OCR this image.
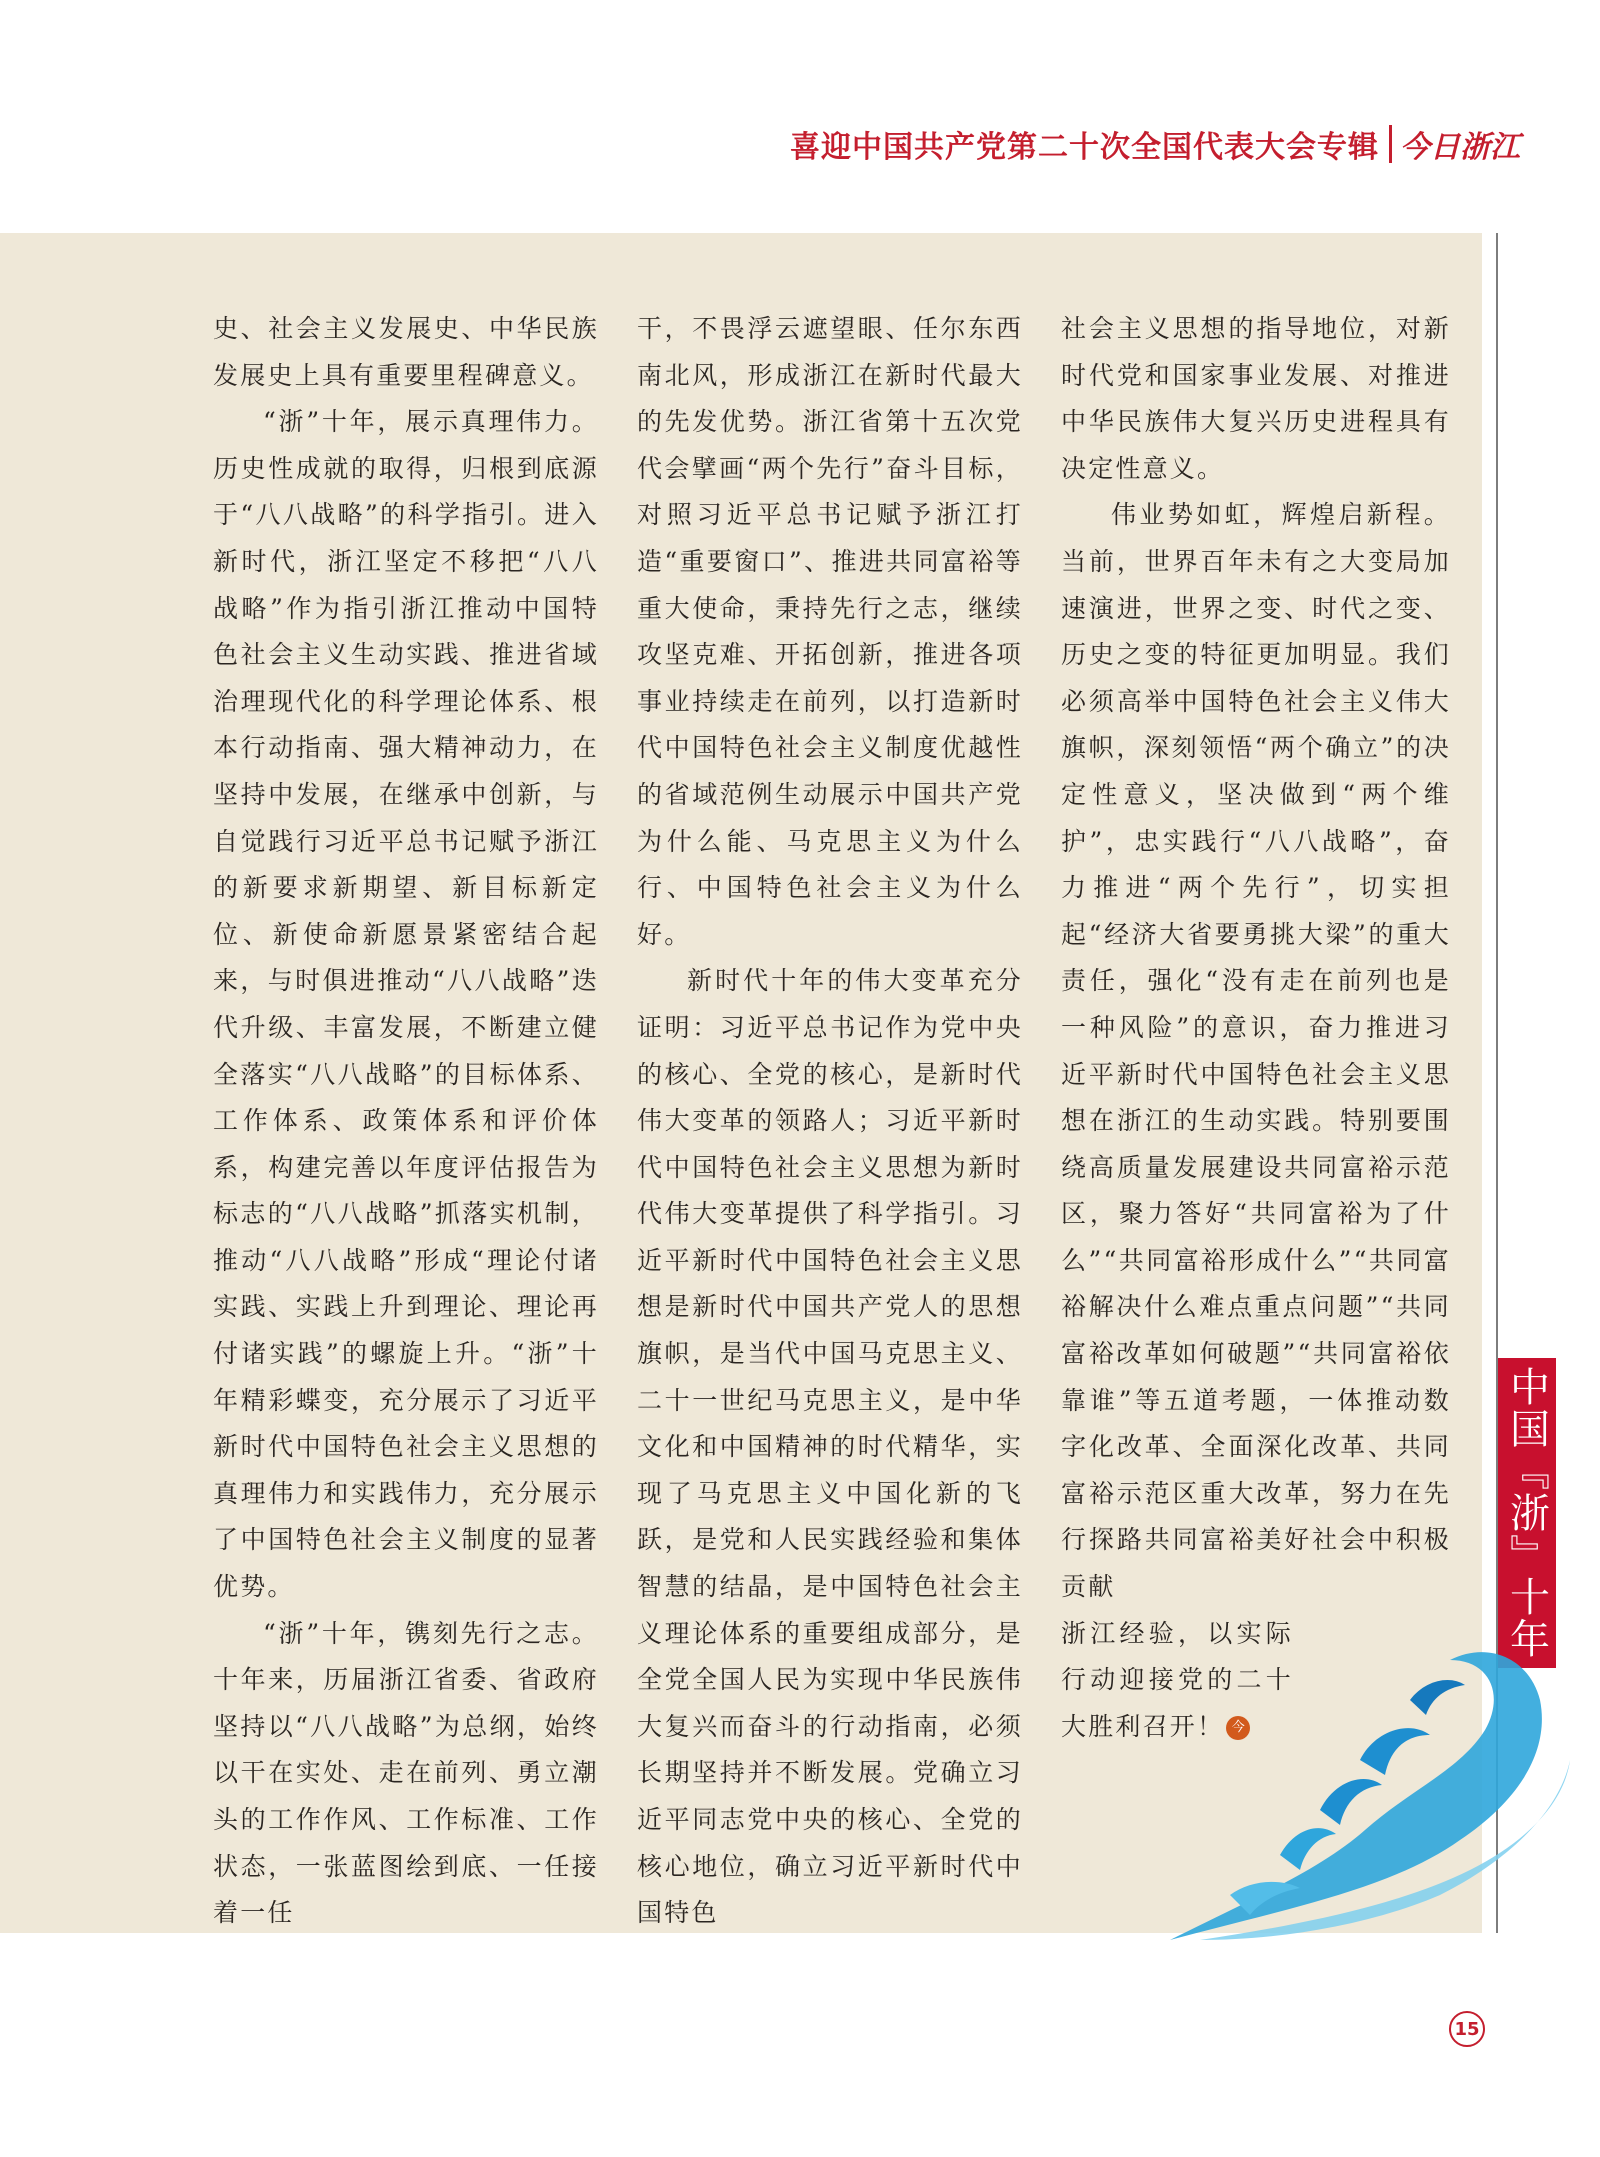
喜迎中国共产党第二十次全国代表大会专辑 今日浙江

史、社会主义发展史、中华民族发展史上具有重要里程碑意义。

“浙”十年，展示真理伟力。历史性成就的取得，归根到底源于“八八战略”的科学指引。进入新时代，浙江坚定不移把“八八战略”作为指引浙江推动中国特色社会主义生动实践、推进省域治理现代化的科学理论体系、根本行动指南、强大精神动力，在坚持中发展，在继承中创新，与自觉践行习近平总书记赋予浙江的新要求新期望、新目标新定位、新使命新愿景紧密结合起来，与时俱进推动“八八战略”迭代升级、丰富发展，不断建立健全落实“八八战略”的目标体系、工作体系、政策体系和评价体系，构建完善以年度评估报告为标志的“八八战略”抓落实机制，推动“八八战略”形成“理论付诸实践、实践上升到理论、理论再付诸实践”的螺旋上升。“浙”十年精彩蝶变，充分展示了习近平新时代中国特色社会主义思想的真理伟力和实践伟力，充分展示了中国特色社会主义制度的显著优势。

“浙”十年，镌刻先行之志。十年来，历届浙江省委、省政府坚持以“八八战略”为总纲，始终以干在实处、走在前列、勇立潮头的工作作风、工作标准、工作状态，一张蓝图绘到底、一任接着一任

干，不畏浮云遮望眼、任尔东西南北风，形成浙江在新时代最大的先发优势。浙江省第十五次党代会擘画“两个先行”奋斗目标，对照习近平总书记赋予浙江打造“重要窗口”、推进共同富裕等重大使命，秉持先行之志，继续攻坚克难、开拓创新，推进各项事业持续走在前列，以打造新时代中国特色社会主义制度优越性的省域范例生动展示中国共产党为什么能、马克思主义为什么行、中国特色社会主义为什么好。

新时代十年的伟大变革充分证明：习近平总书记作为党中央的核心、全党的核心，是新时代伟大变革的领路人；习近平新时代中国特色社会主义思想为新时代伟大变革提供了科学指引。习近平新时代中国特色社会主义思想是新时代中国共产党人的思想旗帜，是当代中国马克思主义、二十一世纪马克思主义，是中华文化和中国精神的时代精华，实现了马克思主义中国化新的飞跃，是党和人民实践经验和集体智慧的结晶，是中国特色社会主义理论体系的重要组成部分，是全党全国人民为实现中华民族伟大复兴而奋斗的行动指南，必须长期坚持并不断发展。党确立习近平同志党中央的核心、全党的核心地位，确立习近平新时代中国特色

社会主义思想的指导地位，对新时代党和国家事业发展、对推进中华民族伟大复兴历史进程具有决定性意义。

伟业势如虹，辉煌启新程。当前，世界百年未有之大变局加速演进，世界之变、时代之变、历史之变的特征更加明显。我们必须高举中国特色社会主义伟大旗帜，深刻领悟“两个确立”的决定性意义，坚决做到“两个维护”，忠实践行“八八战略”，奋力推进“两个先行”，切实担起“经济大省要勇挑大梁”的重大责任，强化“没有走在前列也是一种风险”的意识，奋力推进习近平新时代中国特色社会主义思想在浙江的生动实践。特别要围绕高质量发展建设共同富裕示范区，聚力答好“共同富裕为了什么”“共同富裕形成什么”“共同富裕解决什么难点重点问题”“共同富裕改革如何破题”“共同富裕依靠谁”等五道考题，一体推动数字化改革、全面深化改革、共同富裕示范区重大改革，努力在先行探路共同富裕美好社会中积极贡献

浙江经验，以实际行动迎接党的二十大胜利召开！ 今

中国『浙』十年
15
